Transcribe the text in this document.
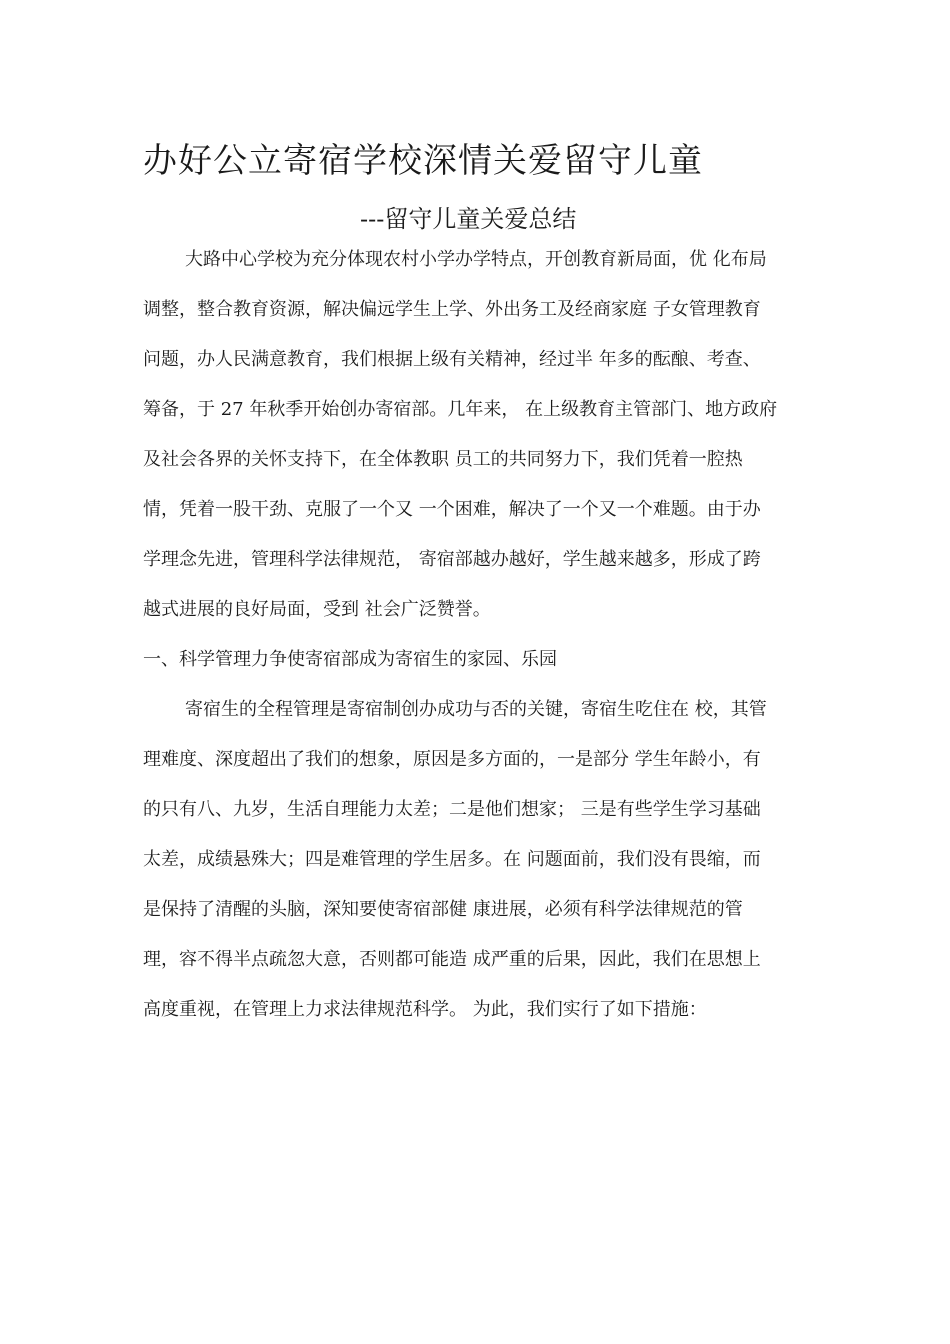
办好公立寄宿学校深情关爱留守儿童
---留守儿童关爱总结

大路中心学校为充分体现农村小学办学特点，开创教育新局面，优 化布局

调整，整合教育资源，解决偏远学生上学、外出务工及经商家庭 子女管理教育

问题，办人民满意教育，我们根据上级有关精神，经过半 年多的酝酿、考查、

筹备，于 27 年秋季开始创办寄宿部。几年来， 在上级教育主管部门、地方政府

及社会各界的关怀支持下，在全体教职 员工的共同努力下，我们凭着一腔热

情，凭着一股干劲、克服了一个又 一个困难，解决了一个又一个难题。由于办

学理念先进，管理科学法律规范， 寄宿部越办越好，学生越来越多，形成了跨

越式进展的良好局面，受到 社会广泛赞誉。

一、科学管理力争使寄宿部成为寄宿生的家园、乐园

寄宿生的全程管理是寄宿制创办成功与否的关键，寄宿生吃住在 校，其管

理难度、深度超出了我们的想象，原因是多方面的，一是部分 学生年龄小，有

的只有八、九岁，生活自理能力太差；二是他们想家； 三是有些学生学习基础

太差，成绩悬殊大；四是难管理的学生居多。在 问题面前，我们没有畏缩，而

是保持了清醒的头脑，深知要使寄宿部健 康进展，必须有科学法律规范的管

理，容不得半点疏忽大意，否则都可能造 成严重的后果，因此，我们在思想上

高度重视，在管理上力求法律规范科学。 为此，我们实行了如下措施：
